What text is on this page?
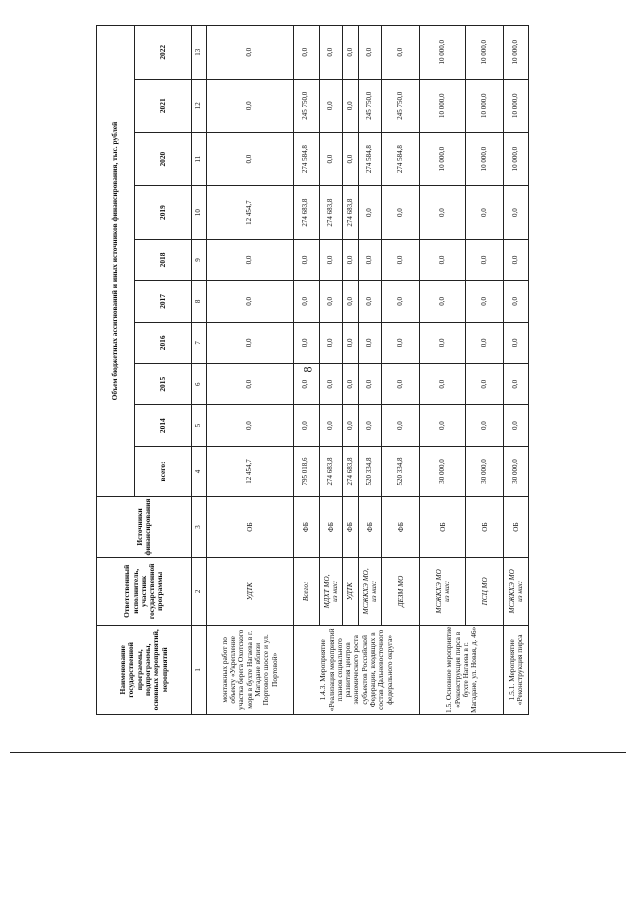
8
Наименование государственной программы, подпрограммы, основных мероприятий, мероприятий	Ответственный исполнитель, участник государственной программы	Источники финансирования	Объем бюджетных ассигнований и иных источников финансирования, тыс. рублей									
			всего:	2014	2015	2016	2017	2018	2019	2020	2021	2022
1	2	3	4	5	6	7	8	9	10	11	12	13
монтажных работ по объекту «Укрепление участка берега Охотского моря в бухте Нагаева в г. Магадане вблизи Портового шоссе и ул. Портовой»	УДТК	ОБ	12 454,7	0,0	0,0	0,0	0,0	0,0	12 454,7	0,0	0,0	0,0
1.4.3. Мероприятие «Реализация мероприятий планов социального развития центров экономического роста субъектов Российской Федерации, входящих в состав Дальневосточного федерального округа»	Всего:	ФБ	795 018,6	0,0	0,0	0,0	0,0	0,0	274 683,8	274 584,8	245 750,0	0,0

	МДХТ МО, из них:	ФБ	274 683,8	0,0	0,0	0,0	0,0	0,0	274 683,8	0,0	0,0	0,0

	УДТК	ФБ	274 683,8	0,0	0,0	0,0	0,0	0,0	274 683,8	0,0	0,0	0,0

	МСЖКХЭ МО, из них:	ФБ	520 334,8	0,0	0,0	0,0	0,0	0,0	0,0	274 584,8	245 750,0	0,0

	ДЕЗМ МО	ФБ	520 334,8	0,0	0,0	0,0	0,0	0,0	0,0	274 584,8	245 750,0	0,0
1.5. Основное мероприятие «Реконструкция пирса в бухте Нагаева в г. Магадане, ул. Новая, д. 46»	МСЖКХЭ МО из них:	ОБ	30 000,0	0,0	0,0	0,0	0,0	0,0	0,0	10 000,0	10 000,0	10 000,0

	ПСЦ МО	ОБ	30 000,0	0,0	0,0	0,0	0,0	0,0	0,0	10 000,0	10 000,0	10 000,0
1.5.1. Мероприятие «Реконструкция пирса	МСЖКХЭ МО из них:	ОБ	30 000,0	0,0	0,0	0,0	0,0	0,0	0,0	10 000,0	10 000,0	10 000,0
